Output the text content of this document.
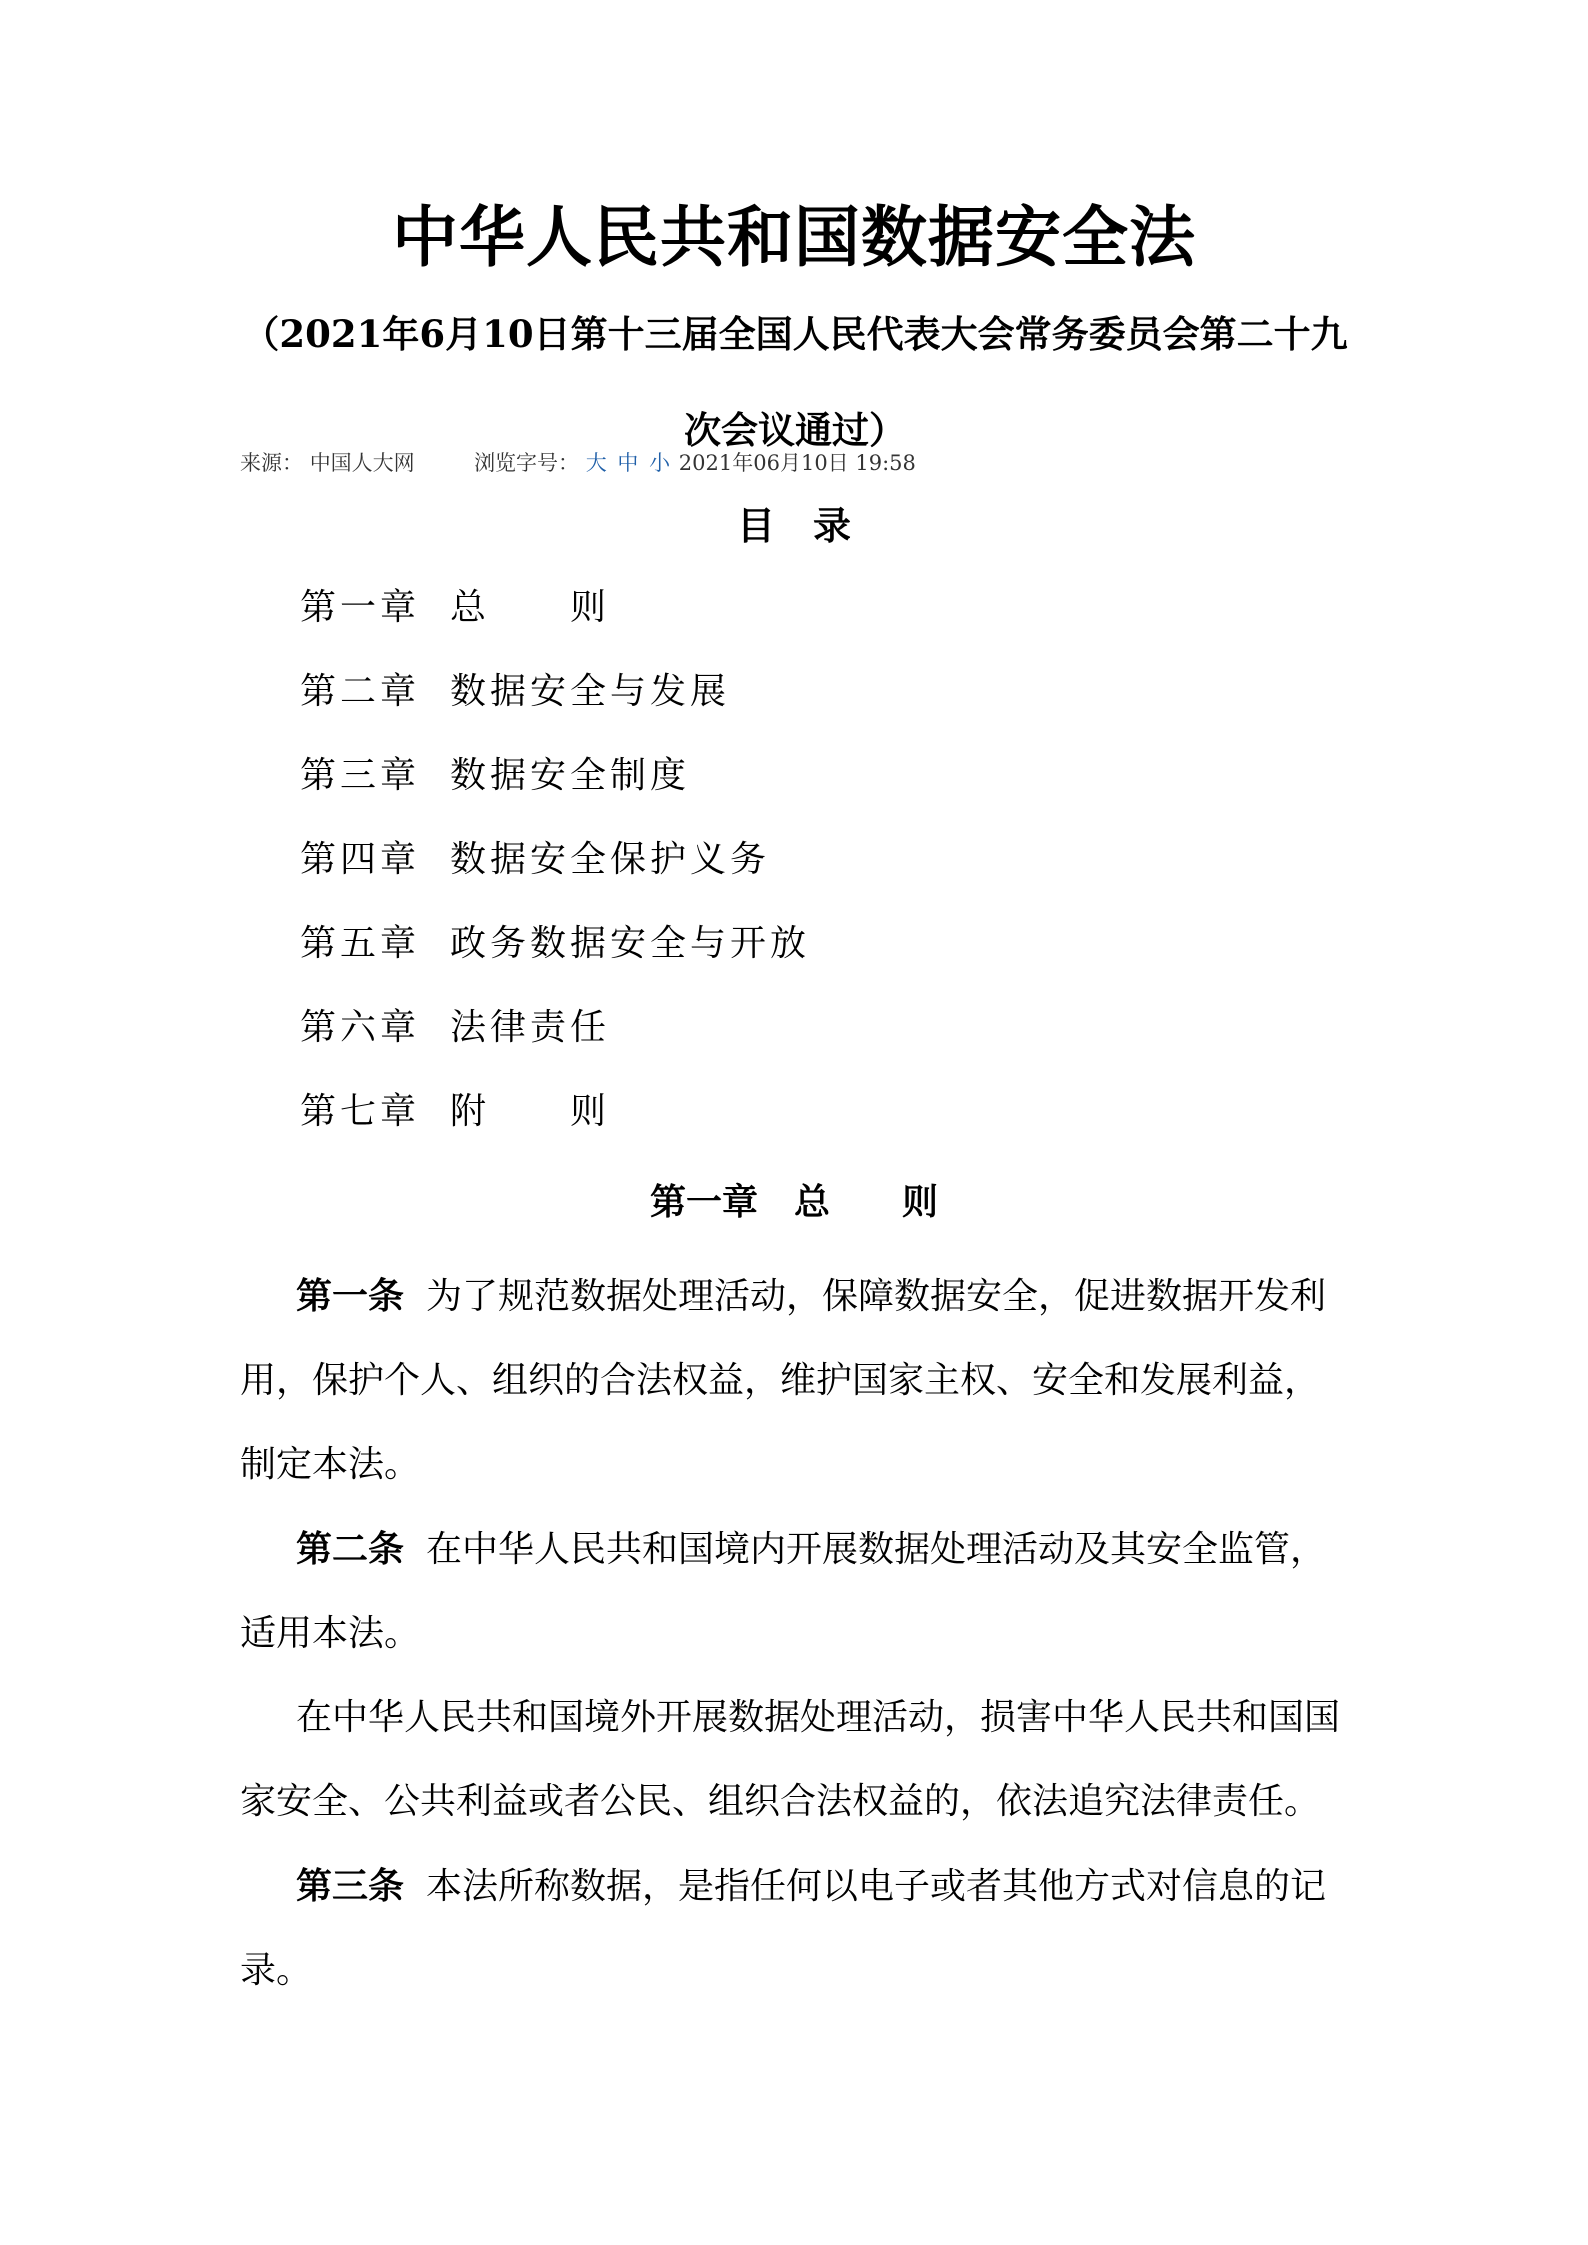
中华人民共和国数据安全法
（2021年6月10日第十三届全国人民代表大会常务委员会第二十九次会议通过）
来源： 中国人大网	浏览字号： 大 中 小 2021年06月10日 19:58
目　录
第一章 总　　则
第二章 数据安全与发展
第三章 数据安全制度
第四章 数据安全保护义务
第五章 政务数据安全与开放
第六章 法律责任
第七章 附　　则
第一章　总　　则

第一条 为了规范数据处理活动，保障数据安全，促进数据开发利用，保护个人、组织的合法权益，维护国家主权、安全和发展利益，制定本法。

第二条 在中华人民共和国境内开展数据处理活动及其安全监管，适用本法。

在中华人民共和国境外开展数据处理活动，损害中华人民共和国国家安全、公共利益或者公民、组织合法权益的，依法追究法律责任。

第三条 本法所称数据，是指任何以电子或者其他方式对信息的记录。
